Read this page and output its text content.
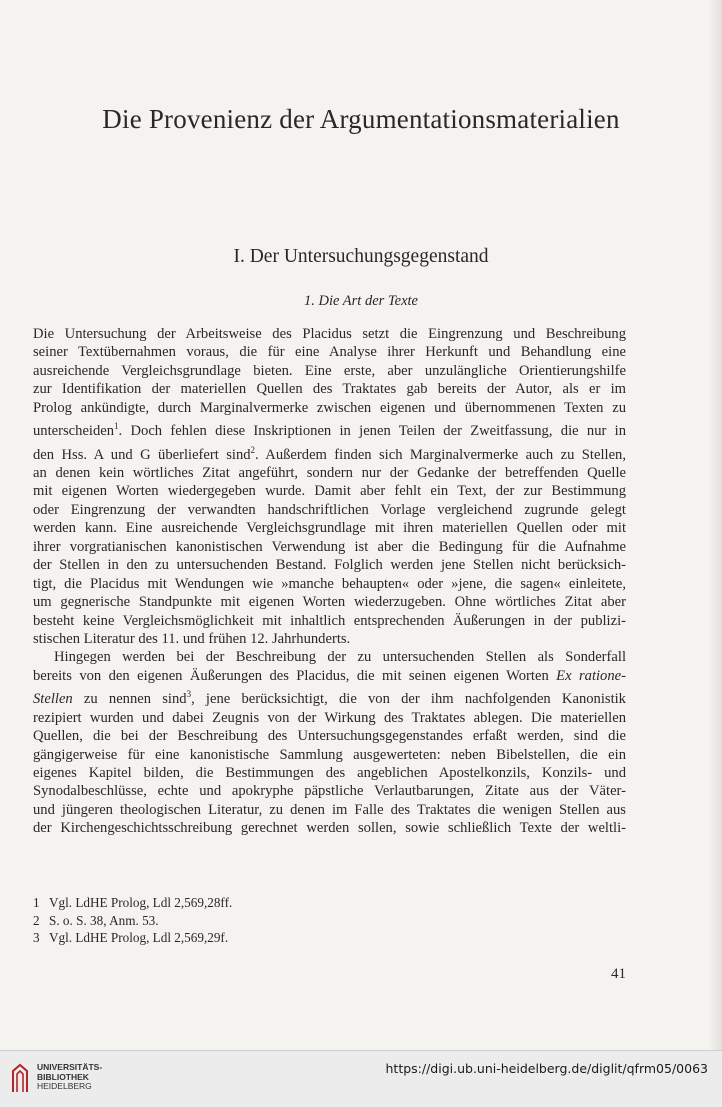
Die Provenienz der Argumentationsmaterialien
I. Der Untersuchungsgegenstand
1. Die Art der Texte

Die Untersuchung der Arbeitsweise des Placidus setzt die Eingrenzung und Beschreibung
seiner Textübernahmen voraus, die für eine Analyse ihrer Herkunft und Behandlung eine
ausreichende Vergleichsgrundlage bieten. Eine erste, aber unzulängliche Orientierungshilfe
zur Identifikation der materiellen Quellen des Traktates gab bereits der Autor, als er im
Prolog ankündigte, durch Marginalvermerke zwischen eigenen und übernommenen Texten zu
unterscheiden$^1$. Doch fehlen diese Inskriptionen in jenen Teilen der Zweitfassung, die nur in
den Hss. A und G überliefert sind$^2$. Außerdem finden sich Marginalvermerke auch zu Stellen,
an denen kein wörtliches Zitat angeführt, sondern nur der Gedanke der betreffenden Quelle
mit eigenen Worten wiedergegeben wurde. Damit aber fehlt ein Text, der zur Bestimmung
oder Eingrenzung der verwandten handschriftlichen Vorlage vergleichend zugrunde gelegt
werden kann. Eine ausreichende Vergleichsgrundlage mit ihren materiellen Quellen oder mit
ihrer vorgratianischen kanonistischen Verwendung ist aber die Bedingung für die Aufnahme
der Stellen in den zu untersuchenden Bestand. Folglich werden jene Stellen nicht berücksich-
tigt, die Placidus mit Wendungen wie »manche behaupten« oder »jene, die sagen« einleitete,
um gegnerische Standpunkte mit eigenen Worten wiederzugeben. Ohne wörtliches Zitat aber
besteht keine Vergleichsmöglichkeit mit inhaltlich entsprechenden Äußerungen in der publizi-
stischen Literatur des 11. und frühen 12. Jahrhunderts.

Hingegen werden bei der Beschreibung der zu untersuchenden Stellen als Sonderfall
bereits von den eigenen Äußerungen des Placidus, die mit seinen eigenen Worten Ex ratione-
Stellen zu nennen sind$^3$, jene berücksichtigt, die von der ihm nachfolgenden Kanonistik
rezipiert wurden und dabei Zeugnis von der Wirkung des Traktates ablegen. Die materiellen
Quellen, die bei der Beschreibung des Untersuchungsgegenstandes erfaßt werden, sind die
gängigerweise für eine kanonistische Sammlung ausgewerteten: neben Bibelstellen, die ein
eigenes Kapitel bilden, die Bestimmungen des angeblichen Apostelkonzils, Konzils- und
Synodalbeschlüsse, echte und apokryphe päpstliche Verlautbarungen, Zitate aus der Väter-
und jüngeren theologischen Literatur, zu denen im Falle des Traktates die wenigen Stellen aus
der Kirchengeschichtsschreibung gerechnet werden sollen, sowie schließlich Texte der weltli-

1 Vgl. LdHE Prolog, Ldl 2,569,28ff.
2 S. o. S. 38, Anm. 53.
3 Vgl. LdHE Prolog, Ldl 2,569,29f.

41

UNIVERSITÄTS-
BIBLIOTHEK
HEIDELBERG
https://digi.ub.uni-heidelberg.de/diglit/qfrm05/0063
